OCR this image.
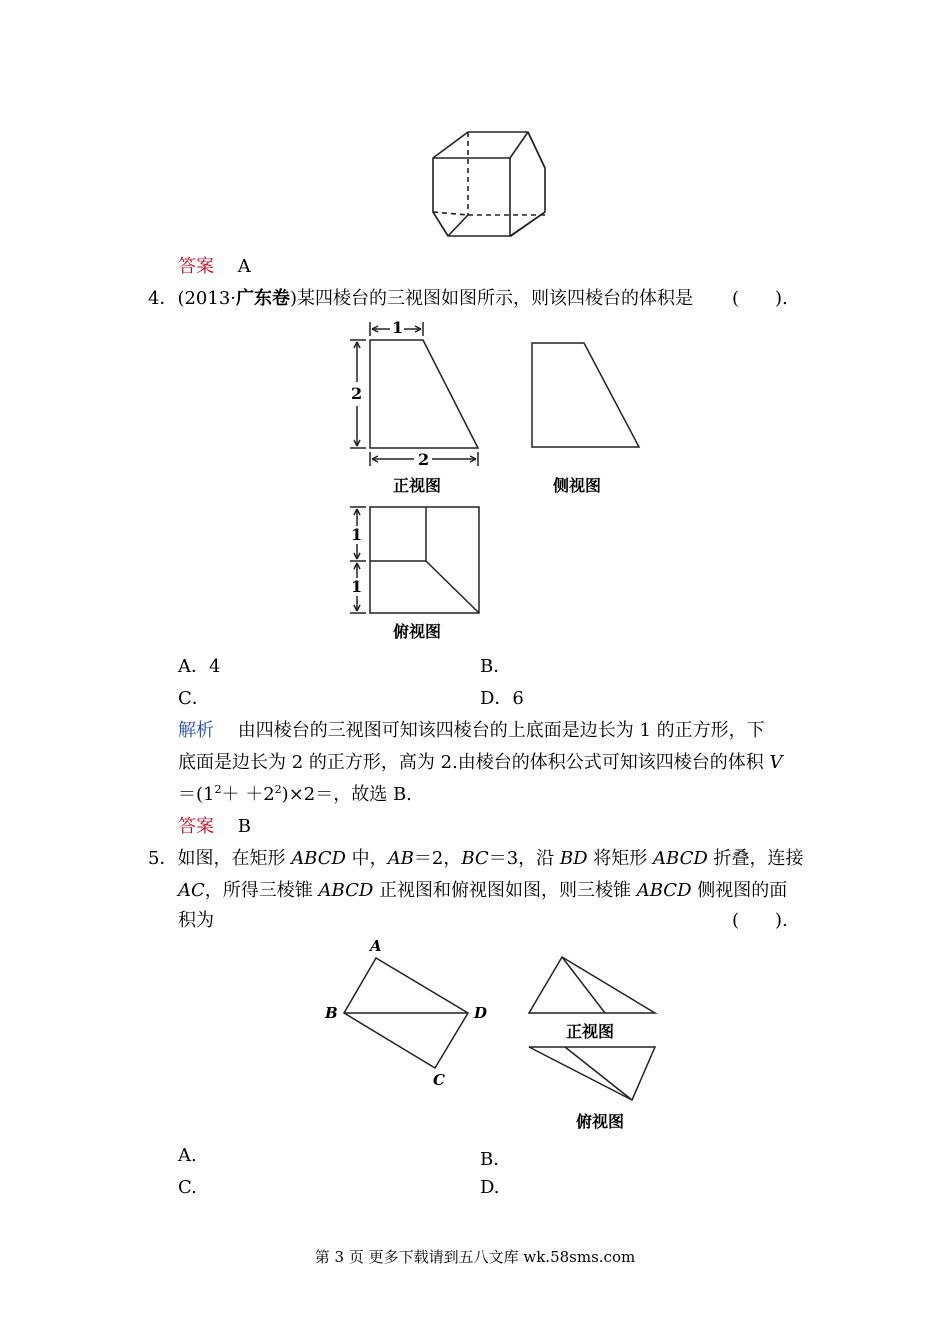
答案 A
4．(2013·广东卷)某四棱台的三视图如图所示，则该四棱台的体积是 (　　).
1
2
2
1
1
正视图	侧视图
俯视图
A．4	B．
C．	D．6
解析 由四棱台的三视图可知该四棱台的上底面是边长为 1 的正方形，下
底面是边长为 2 的正方形，高为 2.由棱台的体积公式可知该四棱台的体积 V
$=(1^2+ +2^2)\times 2=$，故选 B.
答案 B
5．如图，在矩形 ABCD 中，AB＝2，BC＝3，沿 BD 将矩形 ABCD 折叠，连接
AC，所得三棱锥 ABCD 正视图和俯视图如图，则三棱锥 ABCD 侧视图的面
积为	(　　).
A
B
C
D
正视图
俯视图
A.	B．
C.	D.
第 3 页 更多下载请到五八文库 wk.58sms.com
